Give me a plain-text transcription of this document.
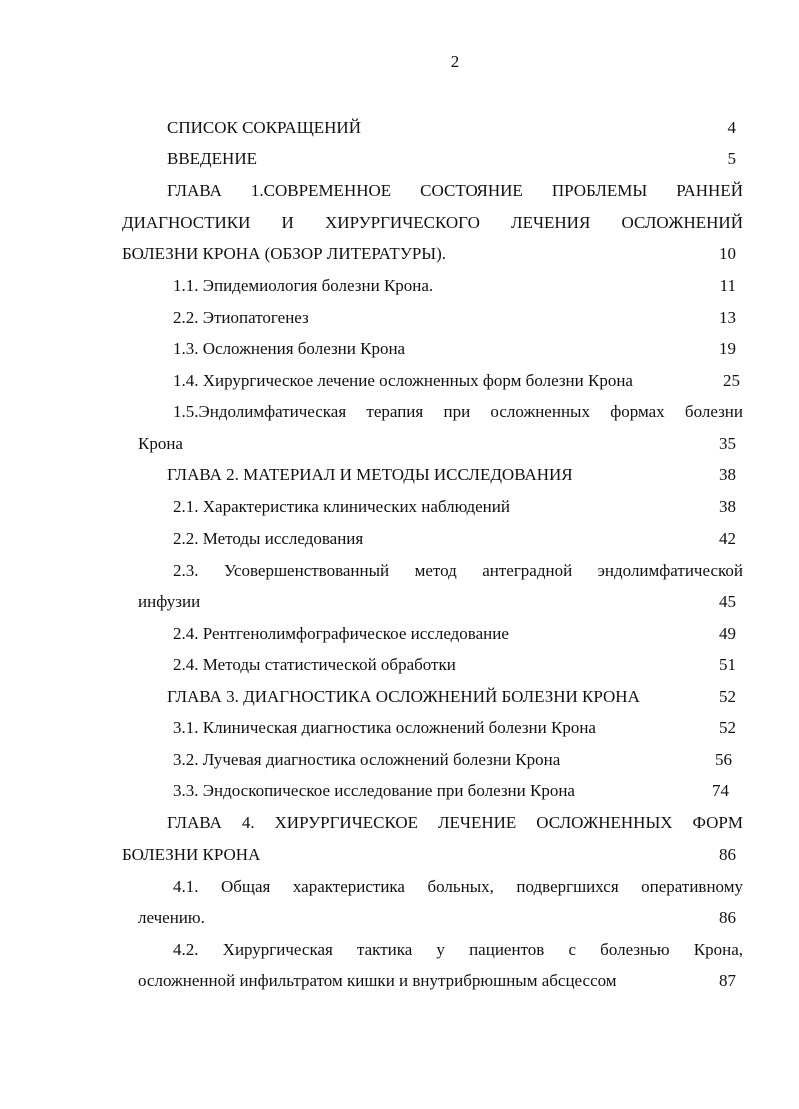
2
СПИСОК СОКРАЩЕНИЙ	4
ВВЕДЕНИЕ	5
ГЛАВА 1.СОВРЕМЕННОЕ СОСТОЯНИЕ ПРОБЛЕМЫ РАННЕЙ
ДИАГНОСТИКИ И ХИРУРГИЧЕСКОГО ЛЕЧЕНИЯ ОСЛОЖНЕНИЙ
БОЛЕЗНИ КРОНА (ОБЗОР ЛИТЕРАТУРЫ).	10
1.1. Эпидемиология болезни Крона.	11
2.2. Этиопатогенез	13
1.3. Осложнения болезни Крона	19
1.4. Хирургическое лечение осложненных форм болезни Крона	25
1.5.Эндолимфатическая терапия при осложненных формах болезни
Крона	35
ГЛАВА 2. МАТЕРИАЛ И МЕТОДЫ ИССЛЕДОВАНИЯ	38
2.1. Характеристика клинических наблюдений	38
2.2. Методы исследования	42
2.3. Усовершенствованный метод антеградной эндолимфатической
инфузии	45
2.4. Рентгенолимфографическое исследование	49
2.4. Методы статистической обработки	51
ГЛАВА 3. ДИАГНОСТИКА ОСЛОЖНЕНИЙ БОЛЕЗНИ КРОНА	52
3.1. Клиническая диагностика осложнений болезни Крона	52
3.2. Лучевая диагностика осложнений болезни Крона	56
3.3. Эндоскопическое исследование при болезни Крона	74
ГЛАВА 4. ХИРУРГИЧЕСКОЕ ЛЕЧЕНИЕ ОСЛОЖНЕННЫХ ФОРМ
БОЛЕЗНИ КРОНА	86
4.1. Общая характеристика больных, подвергшихся оперативному
лечению.	86
4.2. Хирургическая тактика у пациентов с болезнью Крона,
осложненной инфильтратом кишки и внутрибрюшным абсцессом	87
